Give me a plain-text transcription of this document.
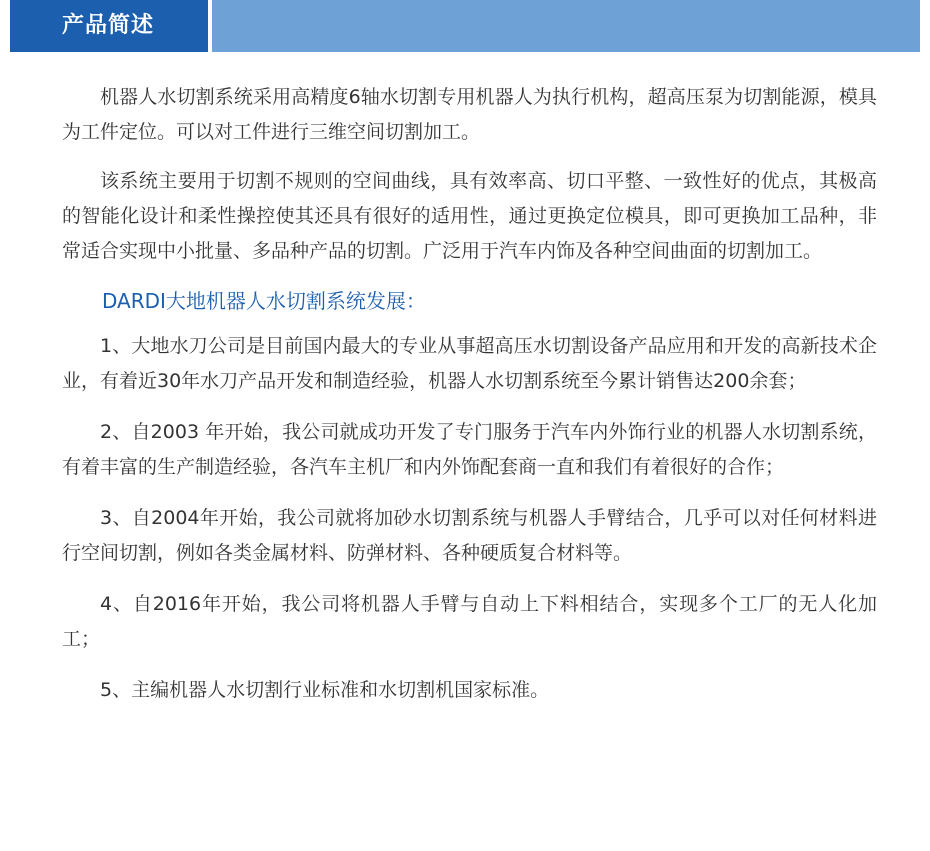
产品简述

机器人水切割系统采用高精度6轴水切割专用机器人为执行机构，超高压泵为切割能源，模具为工件定位。可以对工件进行三维空间切割加工。

该系统主要用于切割不规则的空间曲线，具有效率高、切口平整、一致性好的优点，其极高的智能化设计和柔性操控使其还具有很好的适用性，通过更换定位模具，即可更换加工品种，非常适合实现中小批量、多品种产品的切割。广泛用于汽车内饰及各种空间曲面的切割加工。

DARDI大地机器人水切割系统发展：

1、大地水刀公司是目前国内最大的专业从事超高压水切割设备产品应用和开发的高新技术企业，有着近30年水刀产品开发和制造经验，机器人水切割系统至今累计销售达200余套；

2、自2003 年开始，我公司就成功开发了专门服务于汽车内外饰行业的机器人水切割系统，有着丰富的生产制造经验，各汽车主机厂和内外饰配套商一直和我们有着很好的合作；

3、自2004年开始，我公司就将加砂水切割系统与机器人手臂结合，几乎可以对任何材料进行空间切割，例如各类金属材料、防弹材料、各种硬质复合材料等。

4、自2016年开始，我公司将机器人手臂与自动上下料相结合，实现多个工厂的无人化加工；

5、主编机器人水切割行业标准和水切割机国家标准。
